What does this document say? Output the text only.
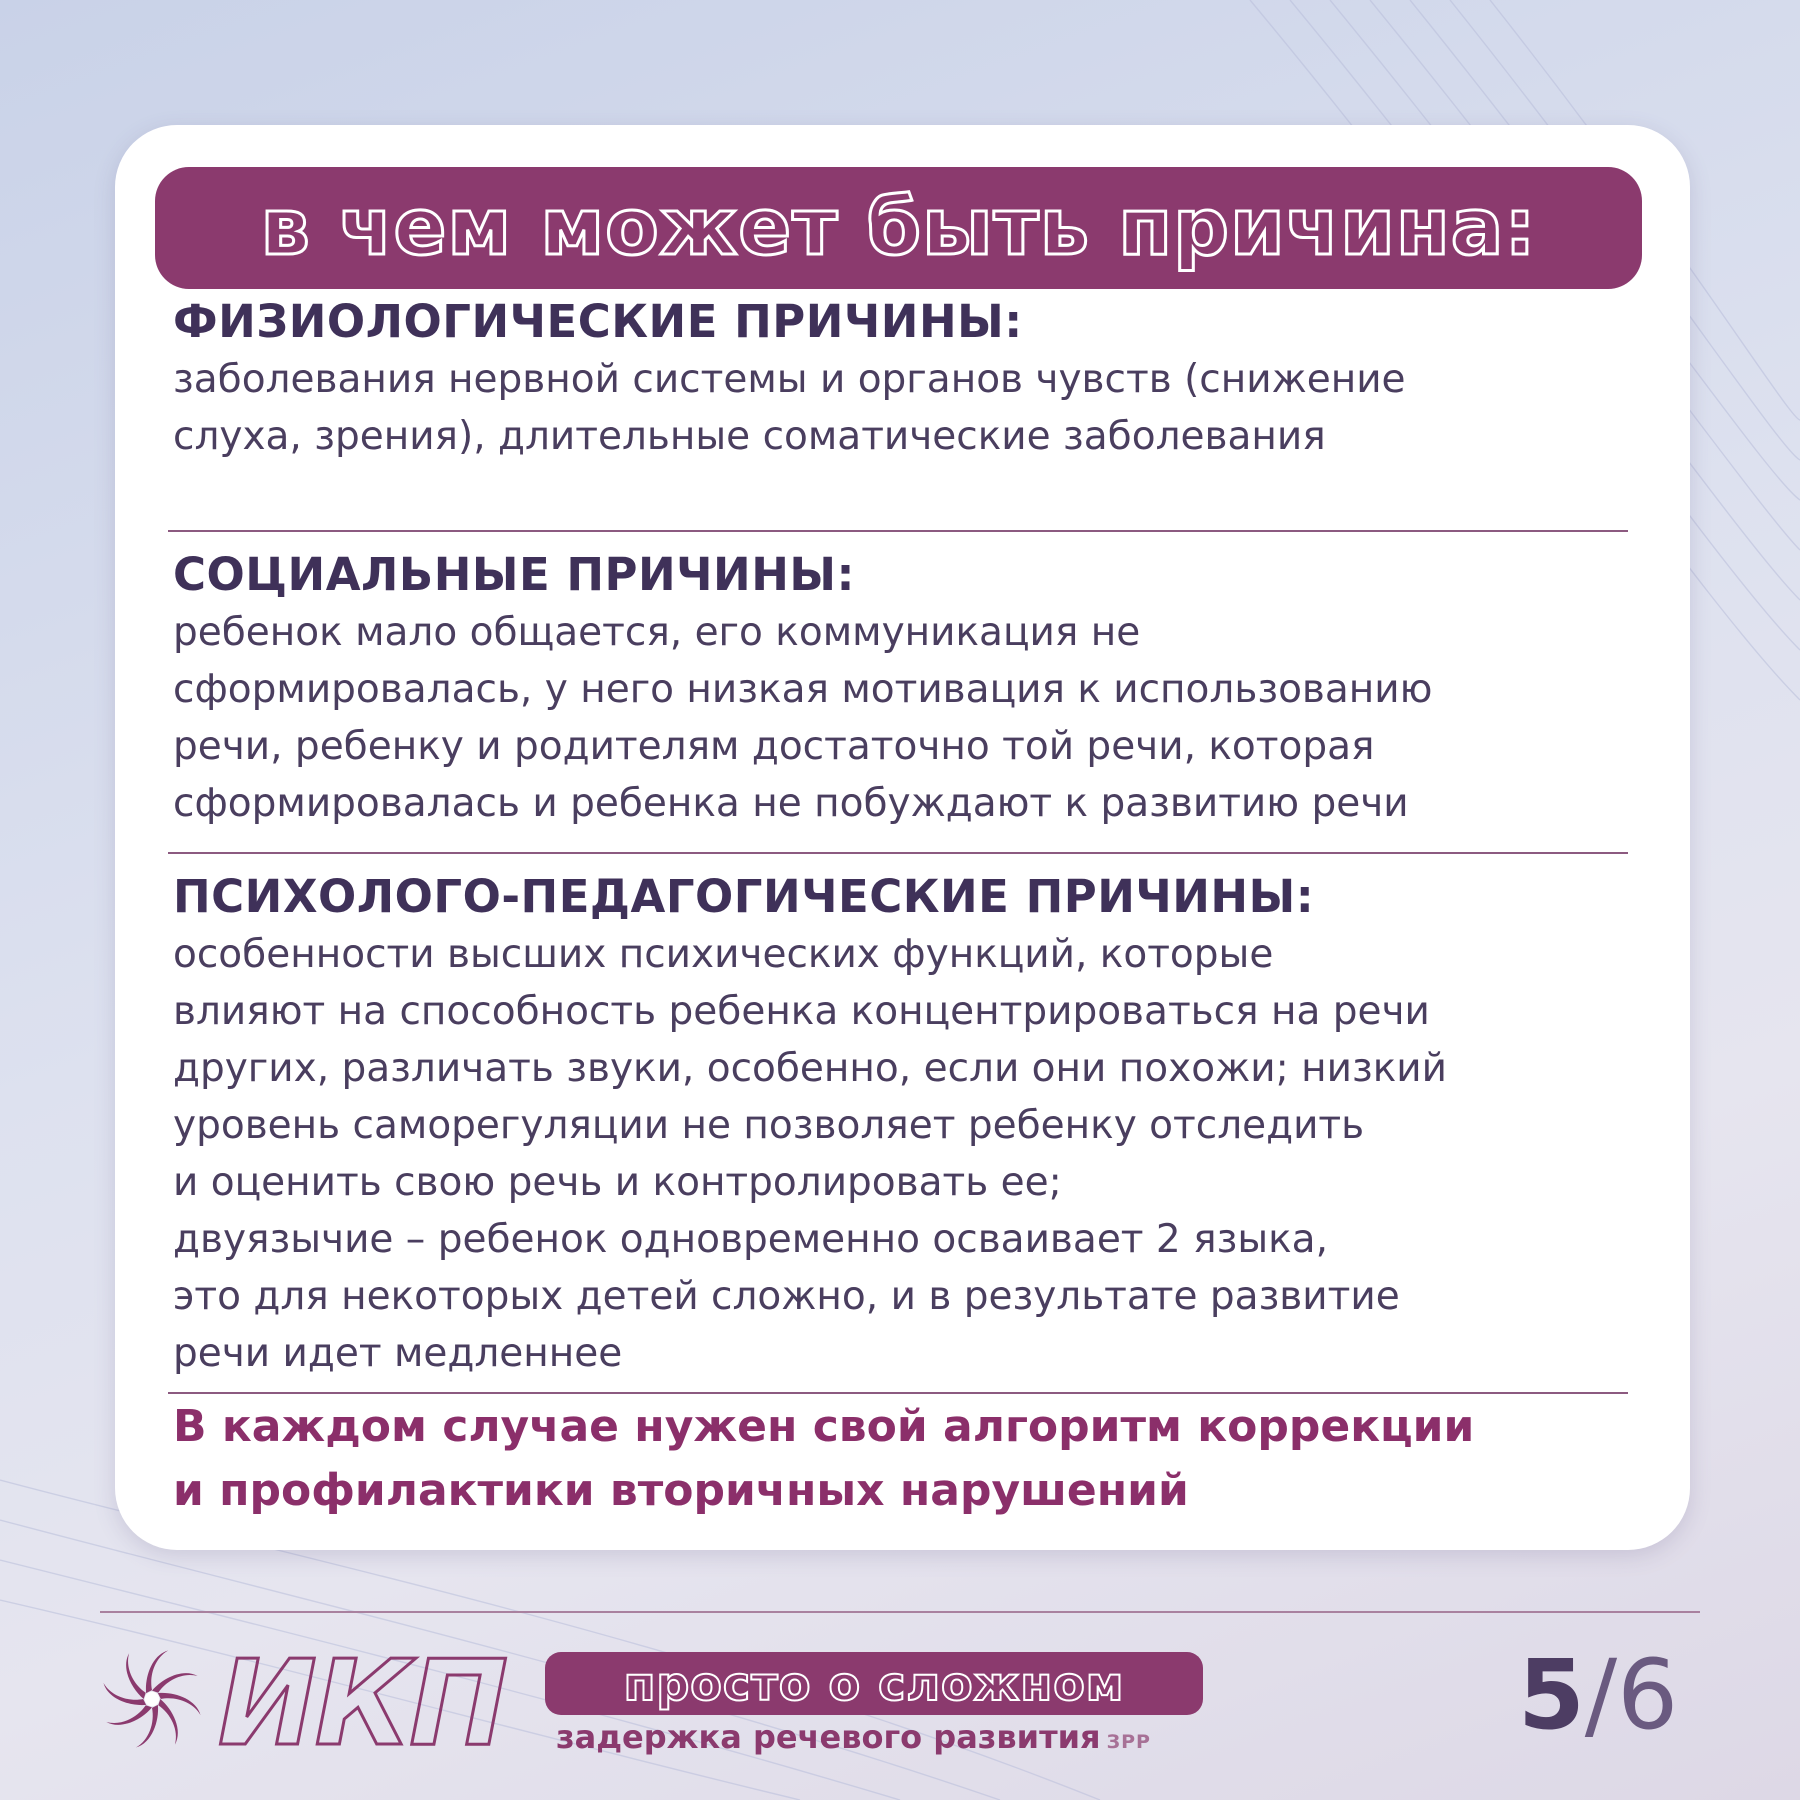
в чем может быть причина:
ФИЗИОЛОГИЧЕСКИЕ ПРИЧИНЫ:

заболевания нервной системы и органов чувств (снижение

слуха, зрения), длительные соматические заболевания

СОЦИАЛЬНЫЕ ПРИЧИНЫ:

ребенок мало общается, его коммуникация не

сформировалась, у него низкая мотивация к использованию

речи, ребенку и родителям достаточно той речи, которая

сформировалась и ребенка не побуждают к развитию речи

ПСИХОЛОГО-ПЕДАГОГИЧЕСКИЕ ПРИЧИНЫ:

особенности высших психических функций, которые

влияют на способность ребенка концентрироваться на речи

других, различать звуки, особенно, если они похожи; низкий

уровень саморегуляции не позволяет ребенку отследить

и оценить свою речь и контролировать ее;

двуязычие – ребенок одновременно осваивает 2 языка,

это для некоторых детей сложно, и в результате развитие

речи идет медленнее

В каждом случае нужен свой алгоритм коррекции

и профилактики вторичных нарушений

ИКП	просто о сложном
задержка речевого развития ЗРР	5/6
